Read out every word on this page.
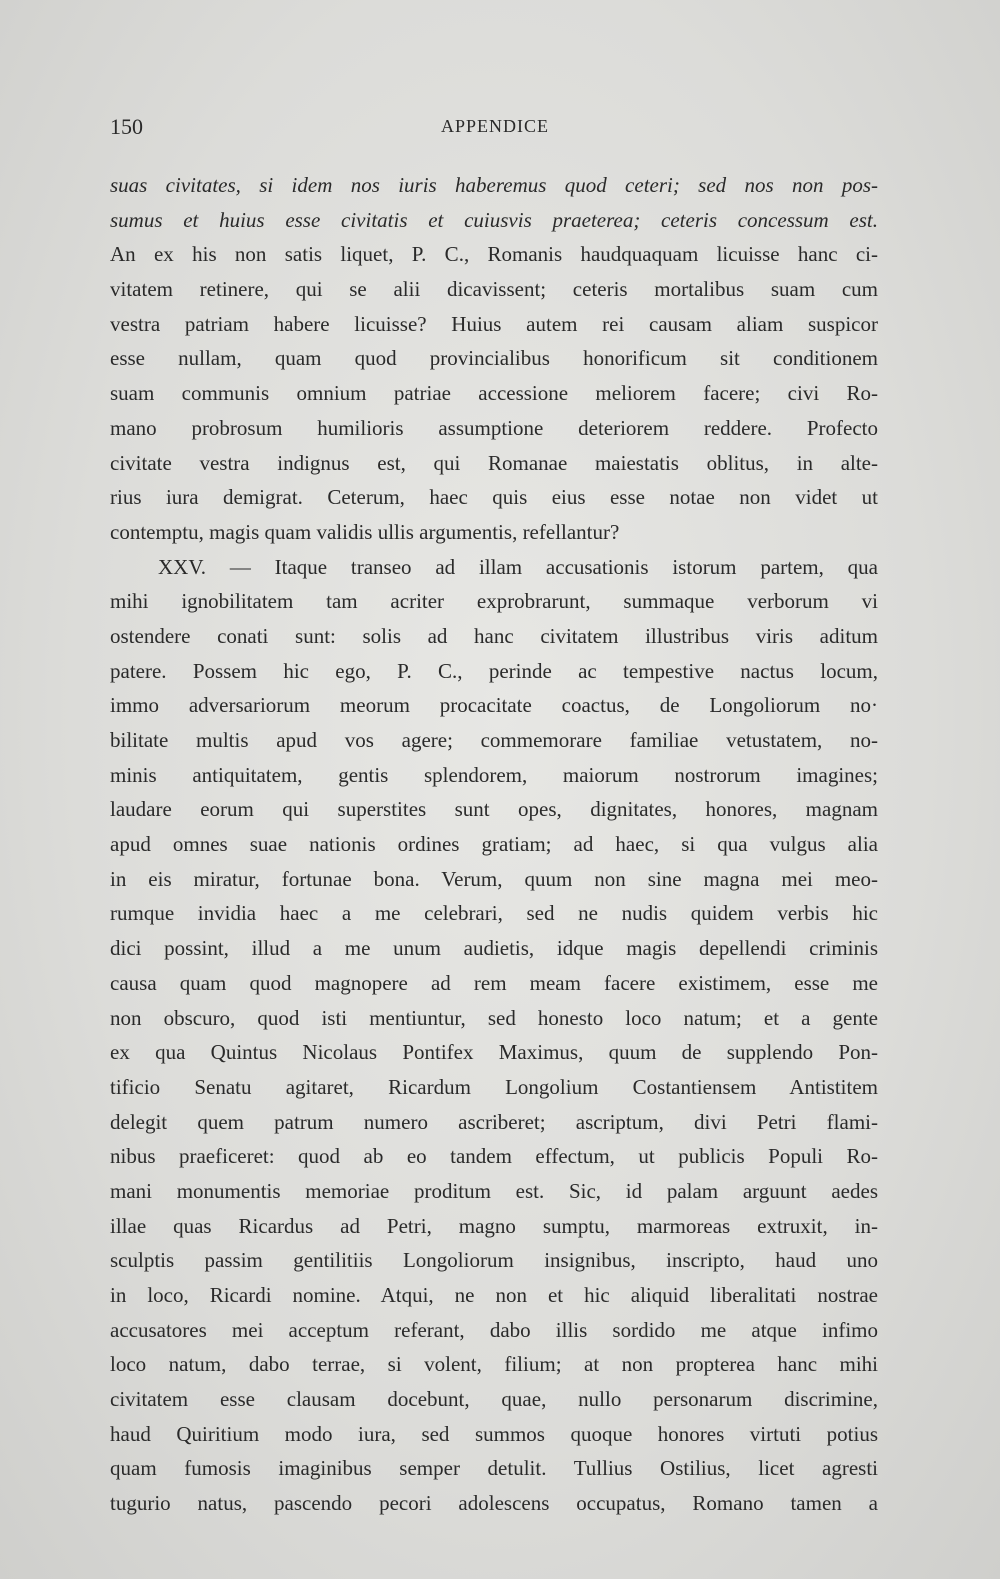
150	APPENDICE
suas civitates, si idem nos iuris haberemus quod ceteri; sed nos non pos-
sumus et huius esse civitatis et cuiusvis praeterea; ceteris concessum est.
An ex his non satis liquet, P. C., Romanis haudquaquam licuisse hanc ci-
vitatem retinere, qui se alii dicavissent; ceteris mortalibus suam cum
vestra patriam habere licuisse? Huius autem rei causam aliam suspicor
esse nullam, quam quod provincialibus honorificum sit conditionem
suam communis omnium patriae accessione meliorem facere; civi Ro-
mano probrosum humilioris assumptione deteriorem reddere. Profecto
civitate vestra indignus est, qui Romanae maiestatis oblitus, in alte-
rius iura demigrat. Ceterum, haec quis eius esse notae non videt ut
contemptu, magis quam validis ullis argumentis, refellantur?
XXV. — Itaque transeo ad illam accusationis istorum partem, qua
mihi ignobilitatem tam acriter exprobrarunt, summaque verborum vi
ostendere conati sunt: solis ad hanc civitatem illustribus viris aditum
patere. Possem hic ego, P. C., perinde ac tempestive nactus locum,
immo adversariorum meorum procacitate coactus, de Longoliorum no·
bilitate multis apud vos agere; commemorare familiae vetustatem, no-
minis antiquitatem, gentis splendorem, maiorum nostrorum imagines;
laudare eorum qui superstites sunt opes, dignitates, honores, magnam
apud omnes suae nationis ordines gratiam; ad haec, si qua vulgus alia
in eis miratur, fortunae bona. Verum, quum non sine magna mei meo-
rumque invidia haec a me celebrari, sed ne nudis quidem verbis hic
dici possint, illud a me unum audietis, idque magis depellendi criminis
causa quam quod magnopere ad rem meam facere existimem, esse me
non obscuro, quod isti mentiuntur, sed honesto loco natum; et a gente
ex qua Quintus Nicolaus Pontifex Maximus, quum de supplendo Pon-
tificio Senatu agitaret, Ricardum Longolium Costantiensem Antistitem
delegit quem patrum numero ascriberet; ascriptum, divi Petri flami-
nibus praeficeret: quod ab eo tandem effectum, ut publicis Populi Ro-
mani monumentis memoriae proditum est. Sic, id palam arguunt aedes
illae quas Ricardus ad Petri, magno sumptu, marmoreas extruxit, in-
sculptis passim gentilitiis Longoliorum insignibus, inscripto, haud uno
in loco, Ricardi nomine. Atqui, ne non et hic aliquid liberalitati nostrae
accusatores mei acceptum referant, dabo illis sordido me atque infimo
loco natum, dabo terrae, si volent, filium; at non propterea hanc mihi
civitatem esse clausam docebunt, quae, nullo personarum discrimine,
haud Quiritium modo iura, sed summos quoque honores virtuti potius
quam fumosis imaginibus semper detulit. Tullius Ostilius, licet agresti
tugurio natus, pascendo pecori adolescens occupatus, Romano tamen a
